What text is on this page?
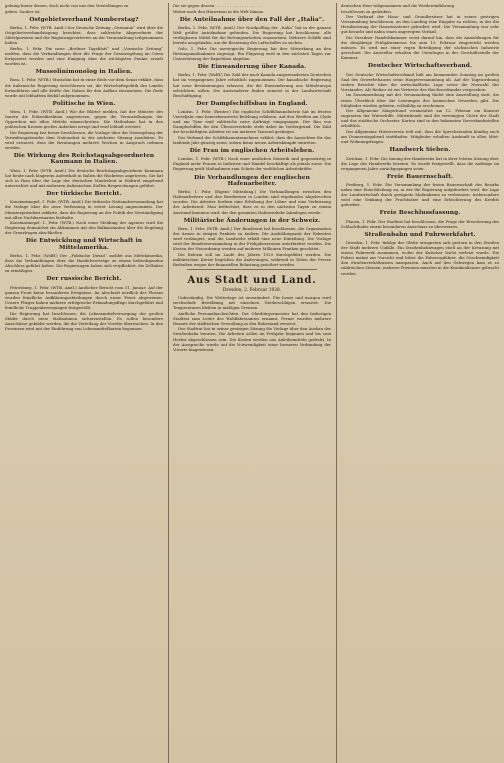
gebung hinter diesen, doch nicht von uns den Vorstellungen zu

geben. Sauber ist.

Ostgebietsverband Numberstag?

Berlin, 1. Febr. (WTB. Amtl.) Der Deutsche Zeitung „Germania“ wird über die Ostgebietsverbandstagung berichtet, dass zahlreiche Abgeordnete der Mittelparteien und der Regierungsvertreter an der Veranstaltung teilgenommen haben.

Berlin, 1. Febr. Die neue „Berliner Tageblatt“ und „Vossische Zeitung“ melden, dass die Verhandlungen über die Frage der Grenzregelung im Osten fortgesetzt werden und eine Einigung über die wichtigsten Punkte erzielt worden ist.

Mussolinimonolog in Italien.

Rom, 1. Febr. (WTB.) Mussolini hat in einer Rede vor dem Senat erklärt, dass die italienische Regierung entschlossen sei, die Wirtschaftspolitik des Landes fortzuführen und alle Kräfte der Nation für den Aufbau einzusetzen. Die Rede wurde mit lebhaftem Beifall aufgenommen.

Politische in Wien.

Wien, 1. Febr. (WTB. Amtl.) Wie die Blätter melden, hat der Minister des Innern die Polizeidirektion angewiesen, gegen die Veranstaltungen der Opposition mit allen Mitteln einzuschreiten. Die Maßnahme hat in den politischen Kreisen großes Aufsehen erregt und wird lebhaft erörtert.

Die Regierung hat ferner beschlossen, die Vorlage über die Neuregelung der Verwaltungsbezirke dem Nationalrat in der nächsten Sitzung zuzuleiten. Es wird erwartet, dass die Beratungen mehrere Wochen in Anspruch nehmen werden.

Die Wirkung des Reichstagsabgeordneten Kaumann in Italien.

Wien, 1. Febr. (WTB. Amtl.) Die deutsche Reichstagsabgeordnete Kaumann hat heute nach längerem Aufenthalt in Italien die Rückreise angetreten. Sie hat sich in Rom über die Lage der deutschen Minderheit in Südtirol eingehend unterrichtet und mit mehreren italienischen Stellen Besprechungen geführt.

Der türkische Bericht.

Konstantinopel, 1. Febr. (WTB. Amtl.) Die türkische Nationalversammlung hat die Vorlage über die neue Verfassung in erster Lesung angenommen. Der Ministerpräsident erklärte, dass die Regierung an der Politik der Verständigung mit allen Nachbarstaaten festhalte.

Konstantinopel, 1. Febr. (WTB.) Nach einer Meldung der Agentur wird die Regierung demnächst ein Abkommen mit den Balkanstaaten über die Regelung der Grenzfragen abschließen.

Die Entwicklung und Wirtschaft in Mittelamerika.

Berlin, 1. Febr. (Wolff.) Der „Politische Dienst“ meldet aus Mittelamerika, dass die Verhandlungen über die Handelsverträge zu einem befriedigenden Abschluss geführt haben. Die Regierungen haben sich verpflichtet, die Zollsätze zu ermäßigen.

Der russische Bericht.

Petersburg, 1. Febr. (WTB. Amtl.) Amtlicher Bericht vom 31. Januar: Auf der ganzen Front keine besonderen Ereignisse. Im Abschnitt nördlich des Flusses wurden feindliche Aufklärungsabteilungen durch unser Feuer abgewiesen. Unsere Flieger haben mehrere erfolgreiche Erkundungsflüge durchgeführt und feindliche Truppenbewegungen festgestellt.

Die Regierung hat beschlossen, die Lebensmittelversorgung der großen Städte durch neue Maßnahmen sicherzustellen. Es sollen besondere Ausschüsse gebildet werden, die die Verteilung der Vorräte überwachen. In den Provinzen wird mit der Einführung von Lebensmittelkarten begonnen.

Die sie gegen dessen . . . . . . . . . . . . . . . . . . .

Weiter nach den Hinweisen in die Welt hinaus.

Die Anteilnahme über den Fall der „Italia“.

Berlin, 1. Febr. (WTB. Amtl.) Der Nordpolflug der „Italia“ hat in der ganzen Welt größte Anteilnahme gefunden. Die Regierung hat beschlossen, alle verfügbaren Mittel für die Rettungsarbeiten einzusetzen. Mehrere Schiffe sind bereits ausgelaufen, um die Besatzung des Luftschiffes zu suchen.

Oslo, 1. Febr. Die norwegische Regierung hat ihre Mitwirkung an den Rettungsmaßnahmen zugesagt. Ein Flugzeug wird in den nächsten Tagen zur Unterstützung der Expedition abgehen.

Die Einwanderung über Kanada.

Berlin, 1. Febr. (Wolff.) Die Zahl der nach Kanada ausgewanderten Deutschen hat im vergangenen Jahre erheblich zugenommen. Die kanadische Regierung hat neue Bestimmungen erlassen, die die Einwanderung aus Mitteleuropa erleichtern sollen. Die Auswanderer finden zumeist in der Landwirtschaft Beschäftigung.

Der Dampfschiffsbau in England.

London, 1. Febr. (Reuter.) Die englische Schiffsbauindustrie hat im letzten Vierteljahr eine bemerkenswerte Belebung erfahren. Auf den Werften am Clyde und am Tyne sind zahlreiche neue Aufträge eingegangen. Der Bau von Dampfschiffen für den Überseeverkehr steht dabei im Vordergrund. Die Zahl der beschäftigten Arbeiter ist um mehrere Tausend gestiegen.

Der Verband der Schiffsbauunternehmer erklärt, dass die Aussichten für das laufende Jahr günstig seien, sofern keine neuen Arbeitskämpfe eintreten.

Die Frau im englischen Arbeitsleben.

London, 1. Febr. (WTB.) Nach einer amtlichen Statistik sind gegenwärtig in England mehr Frauen in Industrie und Handel beschäftigt als jemals zuvor. Die Regierung prüft Maßnahmen zum Schutz der weiblichen Arbeitskräfte.

Die Verhandlungen der englischen Hafenarbeiter.

Berlin, 1. Febr. (Eigene Mitteilung.) Die Verhandlungen zwischen den Hafenarbeitern und den Reedereien in London sind ergebnislos abgebrochen worden. Die Arbeiter fordern eine Erhöhung der Löhne und eine Verkürzung der Arbeitszeit. Man befürchtet, dass es in den nächsten Tagen zu einem Ausstand kommen wird, der den gesamten Hafenverkehr lahmlegen würde.

Militärische Änderungen in der Schweiz.

Bern, 1. Febr. (WTB. Amtl.) Der Bundesrat hat beschlossen, die Organisation der Armee in einigen Punkten zu ändern. Die Ausbildungszeit der Rekruten wird verlängert, und die Landwehr erhält eine neue Einteilung. Die Vorlage wird der Bundesversammlung in der Frühjahrssession unterbreitet werden. Die Kosten der Neuordnung werden auf mehrere Millionen Franken geschätzt.

Die Reform soll im Laufe des Jahres 1929 durchgeführt werden. Die militärischen Kreise begrüßen die Änderungen, während in Teilen der Presse Bedenken wegen der finanziellen Belastung geäußert werden.

Aus Stadt und Land.
Dresden, 2. Februar 1928.

Unbeständig. Die Wetterlage ist unverändert. Für heute und morgen wird wechselnde Bewölkung mit einzelnen Niederschlägen erwartet. Die Temperaturen bleiben in mäßigen Grenzen.

Amtliche Personalnachrichten. Der Oberbürgermeister hat den bisherigen Stadtrat zum Leiter des Wohlfahrtsamtes ernannt. Ferner wurden mehrere Beamte der städtischen Verwaltung in den Ruhestand versetzt.

Der Stadtrat hat in seiner gestrigen Sitzung die Vorlage über den Ausbau der Straßenbahn beraten. Die Arbeiten sollen im Frühjahr beginnen und bis zum Herbst abgeschlossen sein. Die Kosten werden aus Anleihemitteln gedeckt. In der Aussprache wurde auf die Notwendigkeit einer besseren Verbindung der Vororte hingewiesen.

deutschen Heer teilgenommen und die Wiedereinführung

beschlossen zu gedenken.

Der Verband der Haus- und Grundbesitzer hat in seiner gestrigen Versammlung beschlossen, an den Landtag eine Eingabe zu richten, in der die Herabsetzung der Hauszinssteuer gefordert wird. Die Versammlung war sehr gut besucht und nahm einen angeregten Verlauf.

Die Dresdner Handelskammer weist darauf hin, dass die Anmeldungen für die diesjährige Frühjahrsmesse bis zum 15. Februar eingereicht werden müssen. Es wird mit einer regen Beteiligung der sächsischen Industrie gerechnet. Die Aussteller erhalten die Unterlagen in der Geschäftsstelle der Kammer.

Deutscher Wirtschaftsverband.

Der Deutsche Wirtschaftsverband hält am kommenden Sonntag im großen Saal des Gewerbehauses seine Hauptversammlung ab. Auf der Tagesordnung stehen Berichte über die wirtschaftliche Lage sowie die Neuwahl des Vorstandes. Als Redner ist ein Vertreter des Reichsverbandes vorgesehen.

Im Zusammenhang mit der Versammlung findet eine Ausstellung statt, die einen Überblick über die Leistungen des heimischen Gewerbes gibt. Die Mitglieder werden gebeten, vollzählig zu erscheinen.

Der Allgemeine Sängerbund veranstaltet am 12. Februar ein Konzert zugunsten der Winterhilfe. Mitwirkende sind die vereinigten Chöre der Stadt und das städtische Orchester. Karten sind in den bekannten Vorverkaufsstellen erhältlich.

Der Allgemeine Mieterverein teilt mit, dass die Sprechstunden künftig auch am Donnerstagabend stattfinden. Mitglieder erhalten Auskunft in allen Miet- und Wohnungsfragen.

Handwerk Sieben.

Zwickau, 1. Febr. Die Innung des Handwerks hat in ihrer letzten Sitzung über die Lage des Handwerks beraten. Es wurde festgestellt, dass die Aufträge im vergangenen Jahre zurückgegangen seien.

Freie Bauernschaft.

Freiberg, 1. Febr. Die Versammlung der freien Bauernschaft des Bezirks nahm eine Entschließung an, in der die Regierung aufgefordert wird, die Lage der Landwirtschaft durch geeignete Maßnahmen zu verbessern. Insbesondere wird eine Senkung der Frachtsätze und eine Erleichterung des Kredits gefordert.

Freie Beschlussfassung.

Plauen, 1. Febr. Der Stadtrat hat beschlossen, die Frage der Erweiterung des Schlachthofes einem besonderen Ausschuss zu überweisen.

Straßenbahn und Fuhrwerkfahrt.

Dresden, 1. Febr. Infolge der Glätte ereigneten sich gestern in den Straßen der Stadt mehrere Unfälle. Ein Straßenbahnwagen stieß an der Kreuzung mit einem Fuhrwerk zusammen, wobei der Kutscher leicht verletzt wurde. Die Polizei mahnt zur Vorsicht und bittet die Fahrzeugführer, die Geschwindigkeit den Straßenverhältnissen anzupassen. Auch auf den Gehwegen kam es zu zahlreichen Stürzen; mehrere Personen mussten in die Krankenhäuser gebracht werden.
